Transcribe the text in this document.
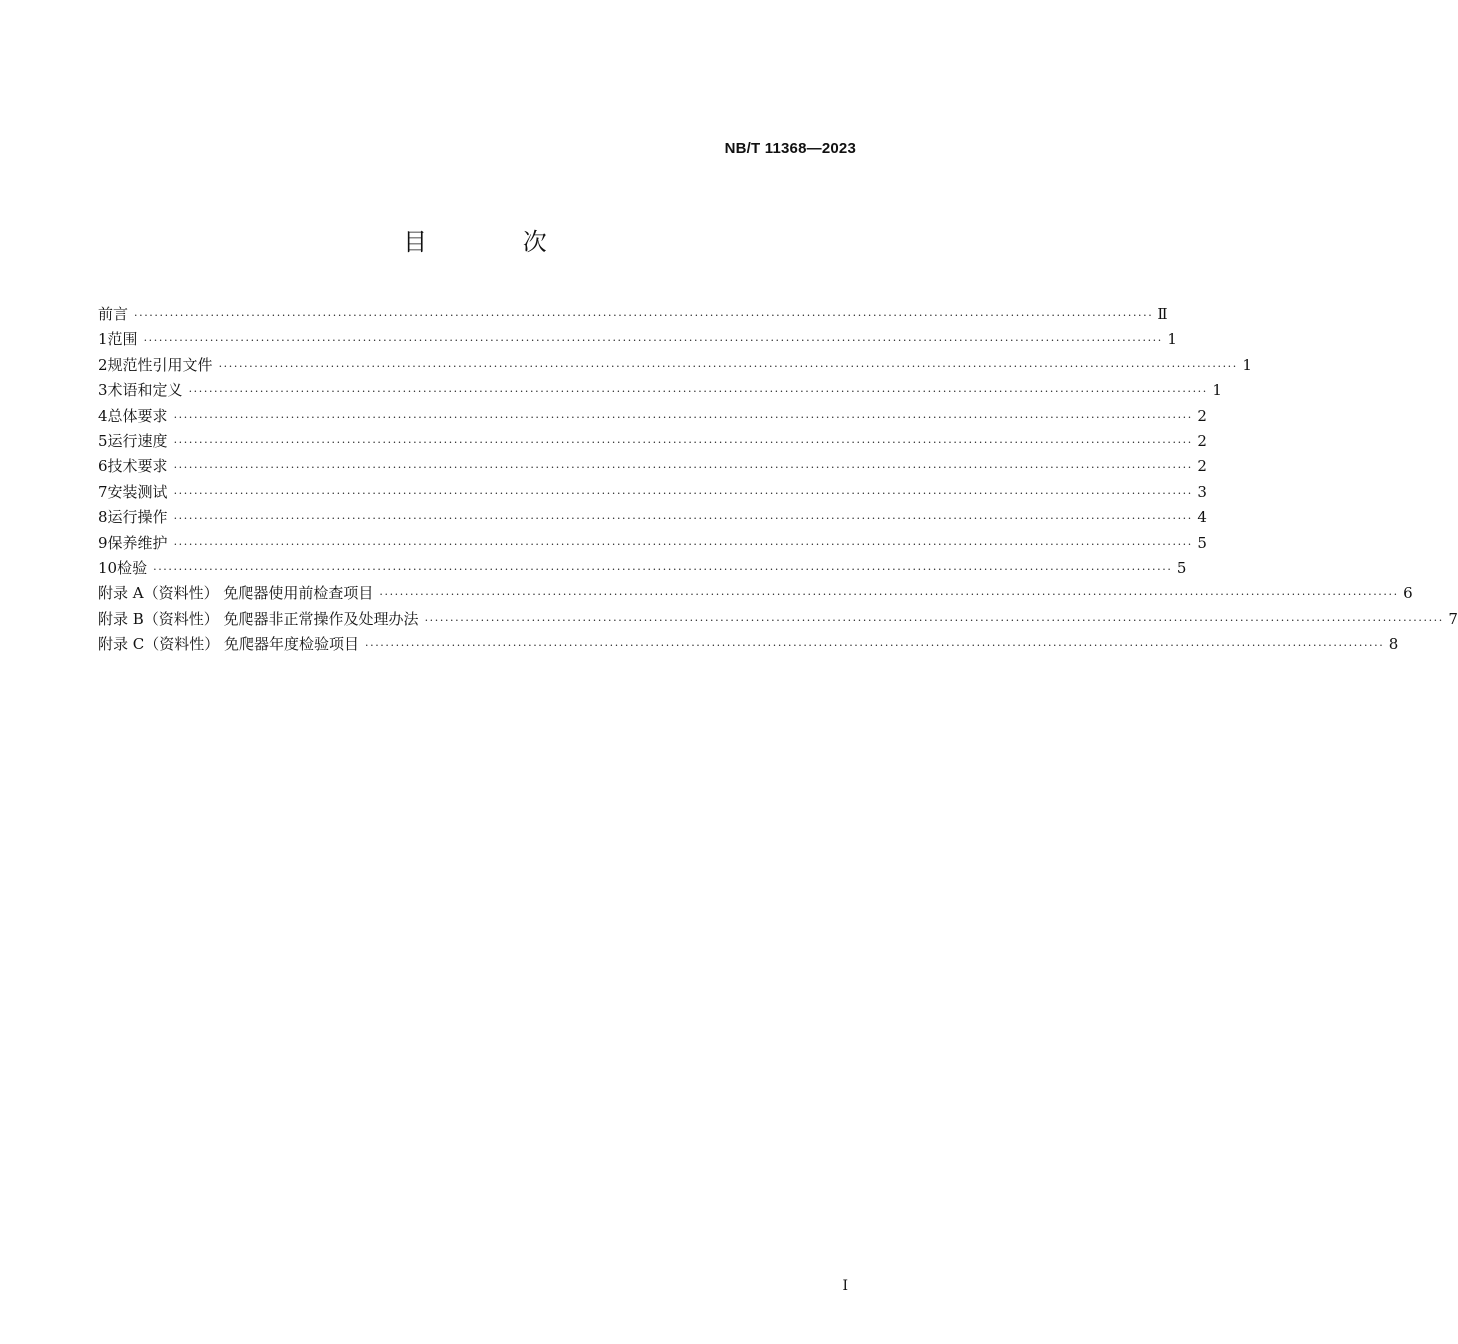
NB/T 11368—2023
目 次
前言 ········································································································································································································ Ⅱ
1 范围 ········································································································································································································ 1
2 规范性引用文件 ········································································································································································································ 1
3 术语和定义 ········································································································································································································ 1
4 总体要求 ········································································································································································································ 2
5 运行速度 ········································································································································································································ 2
6 技术要求 ········································································································································································································ 2
7 安装测试 ········································································································································································································ 3
8 运行操作 ········································································································································································································ 4
9 保养维护 ········································································································································································································ 5
10 检验 ········································································································································································································ 5
附录 A（资料性） 免爬器使用前检查项目 ········································································································································································································ 6
附录 B（资料性） 免爬器非正常操作及处理办法 ········································································································································································································ 7
附录 C（资料性） 免爬器年度检验项目 ········································································································································································································ 8
Ⅰ
